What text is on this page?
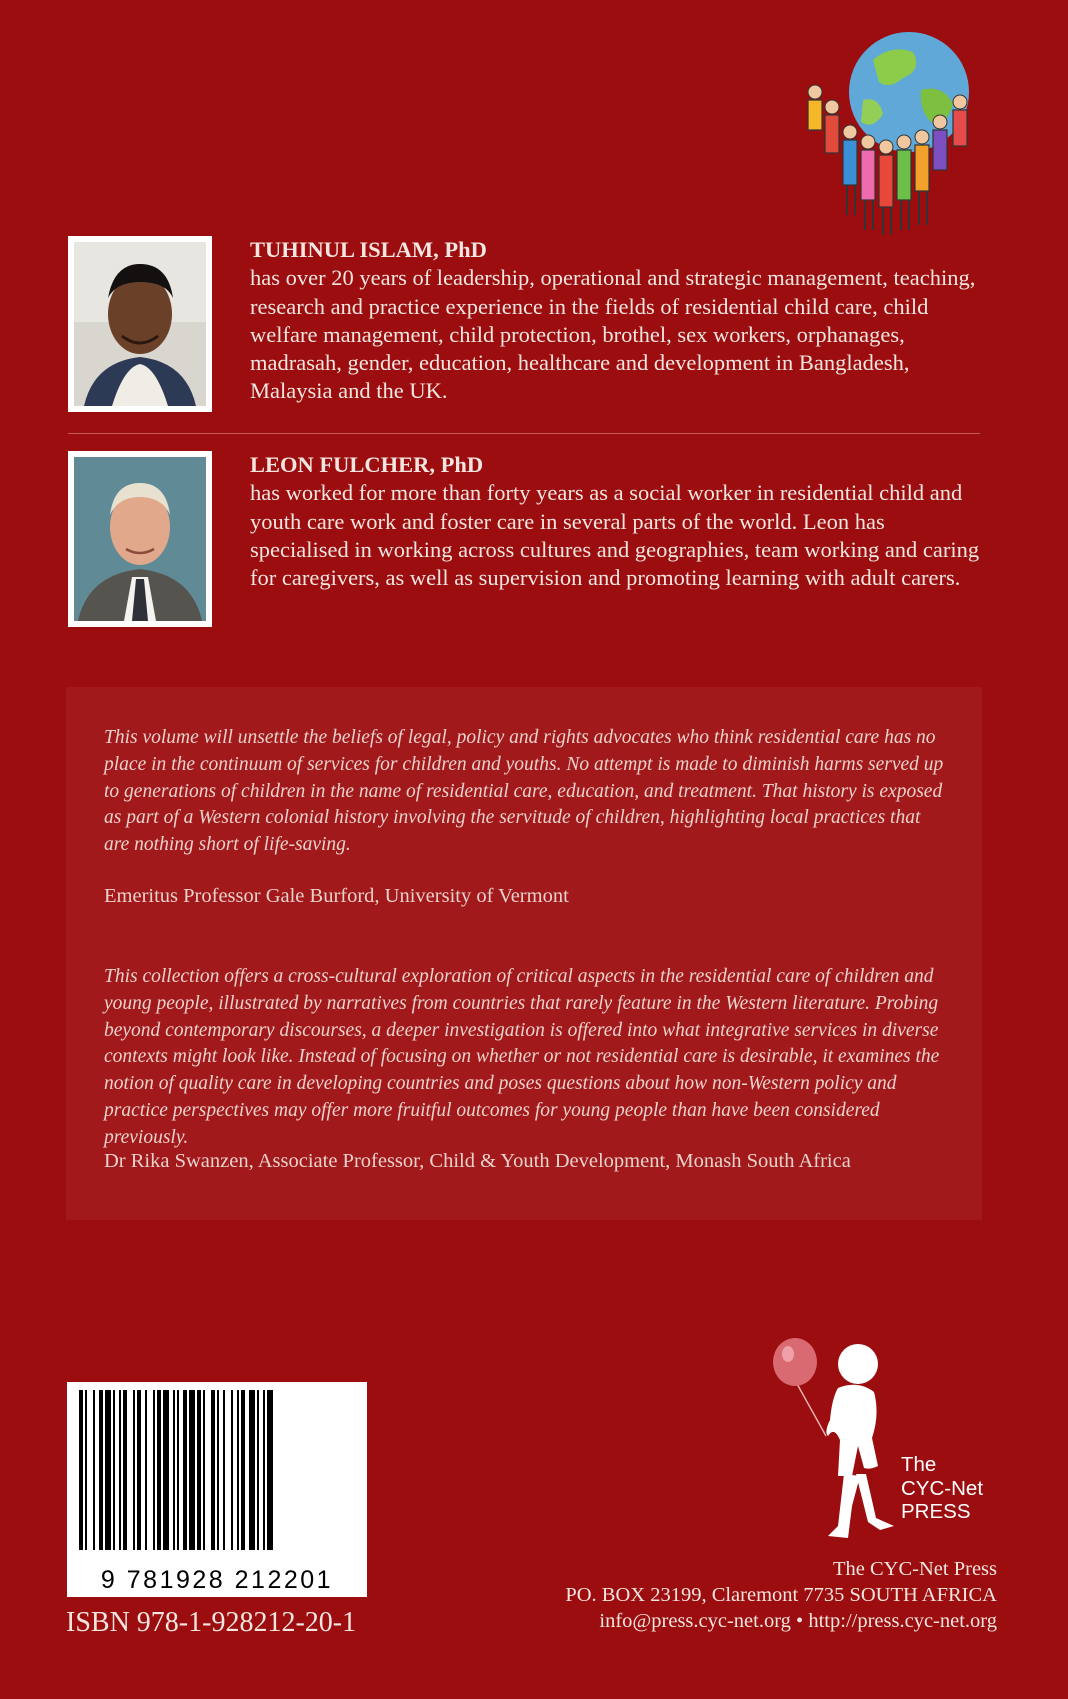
TUHINUL ISLAM, PhD
has over 20 years of leadership, operational and strategic management, teaching, research and practice experience in the fields of residential child care, child welfare management, child protection, brothel, sex workers, orphanages, madrasah, gender, education, healthcare and development in Bangladesh, Malaysia and the UK.
LEON FULCHER, PhD
has worked for more than forty years as a social worker in residential child and youth care work and foster care in several parts of the world. Leon has specialised in working across cultures and geographies, team working and caring for caregivers, as well as supervision and promoting learning with adult carers.
This volume will unsettle the beliefs of legal, policy and rights advocates who think residential care has no place in the continuum of services for children and youths. No attempt is made to diminish harms served up to generations of children in the name of residential care, education, and treatment. That history is exposed as part of a Western colonial history involving the servitude of children, highlighting local practices that are nothing short of life-saving.
Emeritus Professor Gale Burford, University of Vermont
This collection offers a cross-cultural exploration of critical aspects in the residential care of children and young people, illustrated by narratives from countries that rarely feature in the Western literature. Probing beyond contemporary discourses, a deeper investigation is offered into what integrative services in diverse contexts might look like. Instead of focusing on whether or not residential care is desirable, it examines the notion of quality care in developing countries and poses questions about how non-Western policy and practice perspectives may offer more fruitful outcomes for young people than have been considered previously.
Dr Rika Swanzen, Associate Professor, Child & Youth Development, Monash South Africa
9 781928 212201
ISBN 978-1-928212-20-1
The
CYC-Net
PRESS
The CYC-Net Press
PO. BOX 23199, Claremont 7735 SOUTH AFRICA
info@press.cyc-net.org • http://press.cyc-net.org
